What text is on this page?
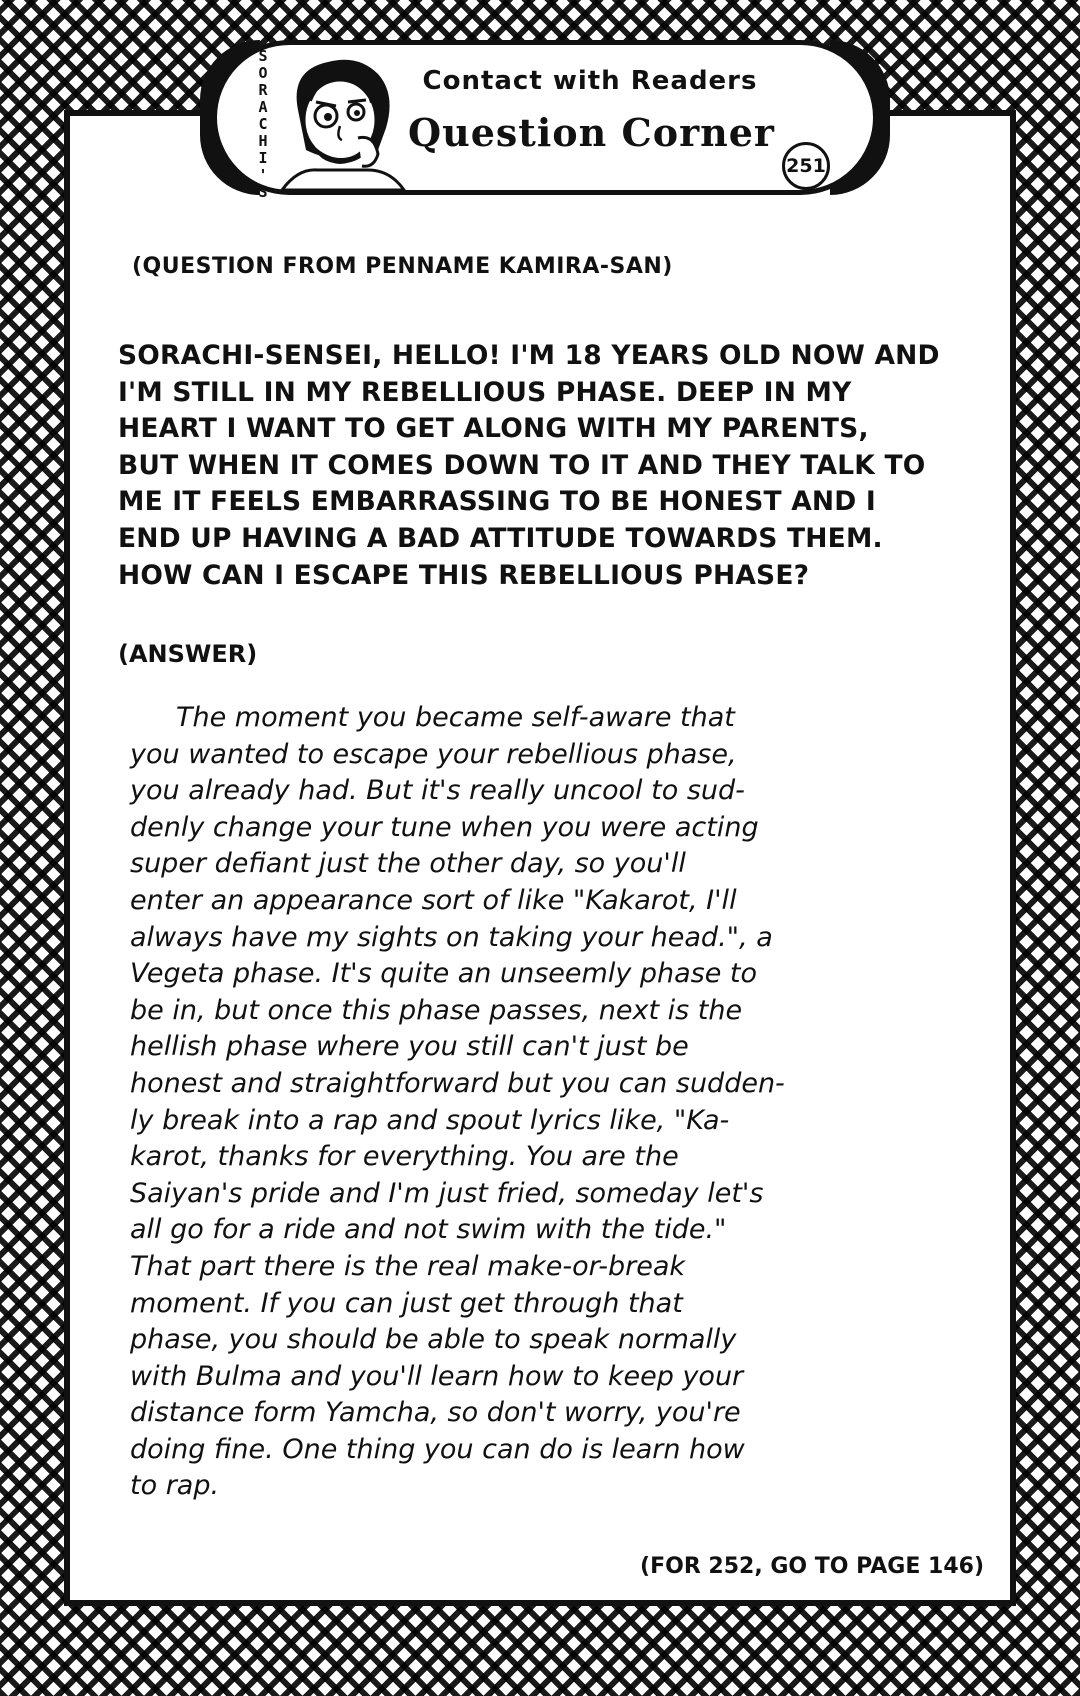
S
O
R
A
C
H
I
'
S
Contact with Readers
Question Corner
251
(QUESTION FROM PENNAME KAMIRA-SAN)
SORACHI-SENSEI, HELLO! I'M 18 YEARS OLD NOW AND
I'M STILL IN MY REBELLIOUS PHASE. DEEP IN MY
HEART I WANT TO GET ALONG WITH MY PARENTS,
BUT WHEN IT COMES DOWN TO IT AND THEY TALK TO
ME IT FEELS EMBARRASSING TO BE HONEST AND I
END UP HAVING A BAD ATTITUDE TOWARDS THEM.
HOW CAN I ESCAPE THIS REBELLIOUS PHASE?
(ANSWER)
The moment you became self-aware that
you wanted to escape your rebellious phase,
you already had. But it's really uncool to sud-
denly change your tune when you were acting
super defiant just the other day, so you'll
enter an appearance sort of like "Kakarot, I'll
always have my sights on taking your head.", a
Vegeta phase. It's quite an unseemly phase to
be in, but once this phase passes, next is the
hellish phase where you still can't just be
honest and straightforward but you can sudden-
ly break into a rap and spout lyrics like, "Ka-
karot, thanks for everything. You are the
Saiyan's pride and I'm just fried, someday let's
all go for a ride and not swim with the tide."
That part there is the real make-or-break
moment. If you can just get through that
phase, you should be able to speak normally
with Bulma and you'll learn how to keep your
distance form Yamcha, so don't worry, you're
doing fine. One thing you can do is learn how
to rap.
(FOR 252, GO TO PAGE 146)
